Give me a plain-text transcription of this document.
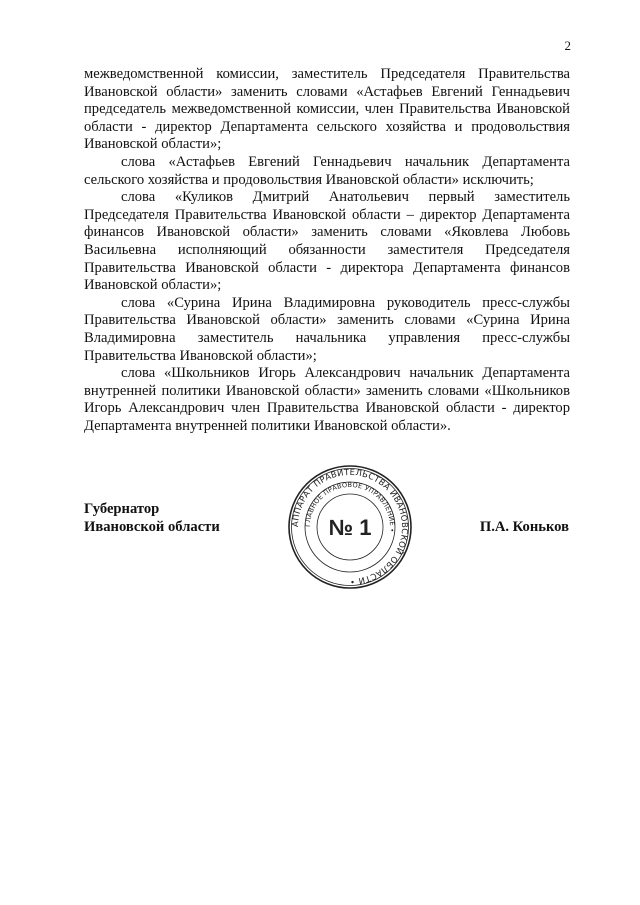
2

межведомственной комиссии, заместитель Председателя Правительства Ивановской области» заменить словами «Астафьев Евгений Геннадьевич председатель межведомственной комиссии, член Правительства Ивановской области - директор Департамента сельского хозяйства и продовольствия Ивановской области»;

слова «Астафьев Евгений Геннадьевич начальник Департамента сельского хозяйства и продовольствия Ивановской области» исключить;

слова «Куликов Дмитрий Анатольевич первый заместитель Председателя Правительства Ивановской области – директор Департамента финансов Ивановской области» заменить словами «Яковлева Любовь Васильевна исполняющий обязанности заместителя Председателя Правительства Ивановской области - директора Департамента финансов Ивановской области»;

слова «Сурина Ирина Владимировна руководитель пресс-службы Правительства Ивановской области» заменить словами «Сурина Ирина Владимировна заместитель начальника управления пресс-службы Правительства Ивановской области»;

слова «Школьников Игорь Александрович начальник Департамента внутренней политики Ивановской области» заменить словами «Школьников Игорь Александрович член Правительства Ивановской области - директор Департамента внутренней политики Ивановской области».

Губернатор
Ивановской области	АППАРАТ ПРАВИТЕЛЬСТВА ИВАНОВСКОЙ ОБЛАСТИ •
ГЛАВНОЕ ПРАВОВОЕ УПРАВЛЕНИЕ •
№ 1	П.А. Коньков
